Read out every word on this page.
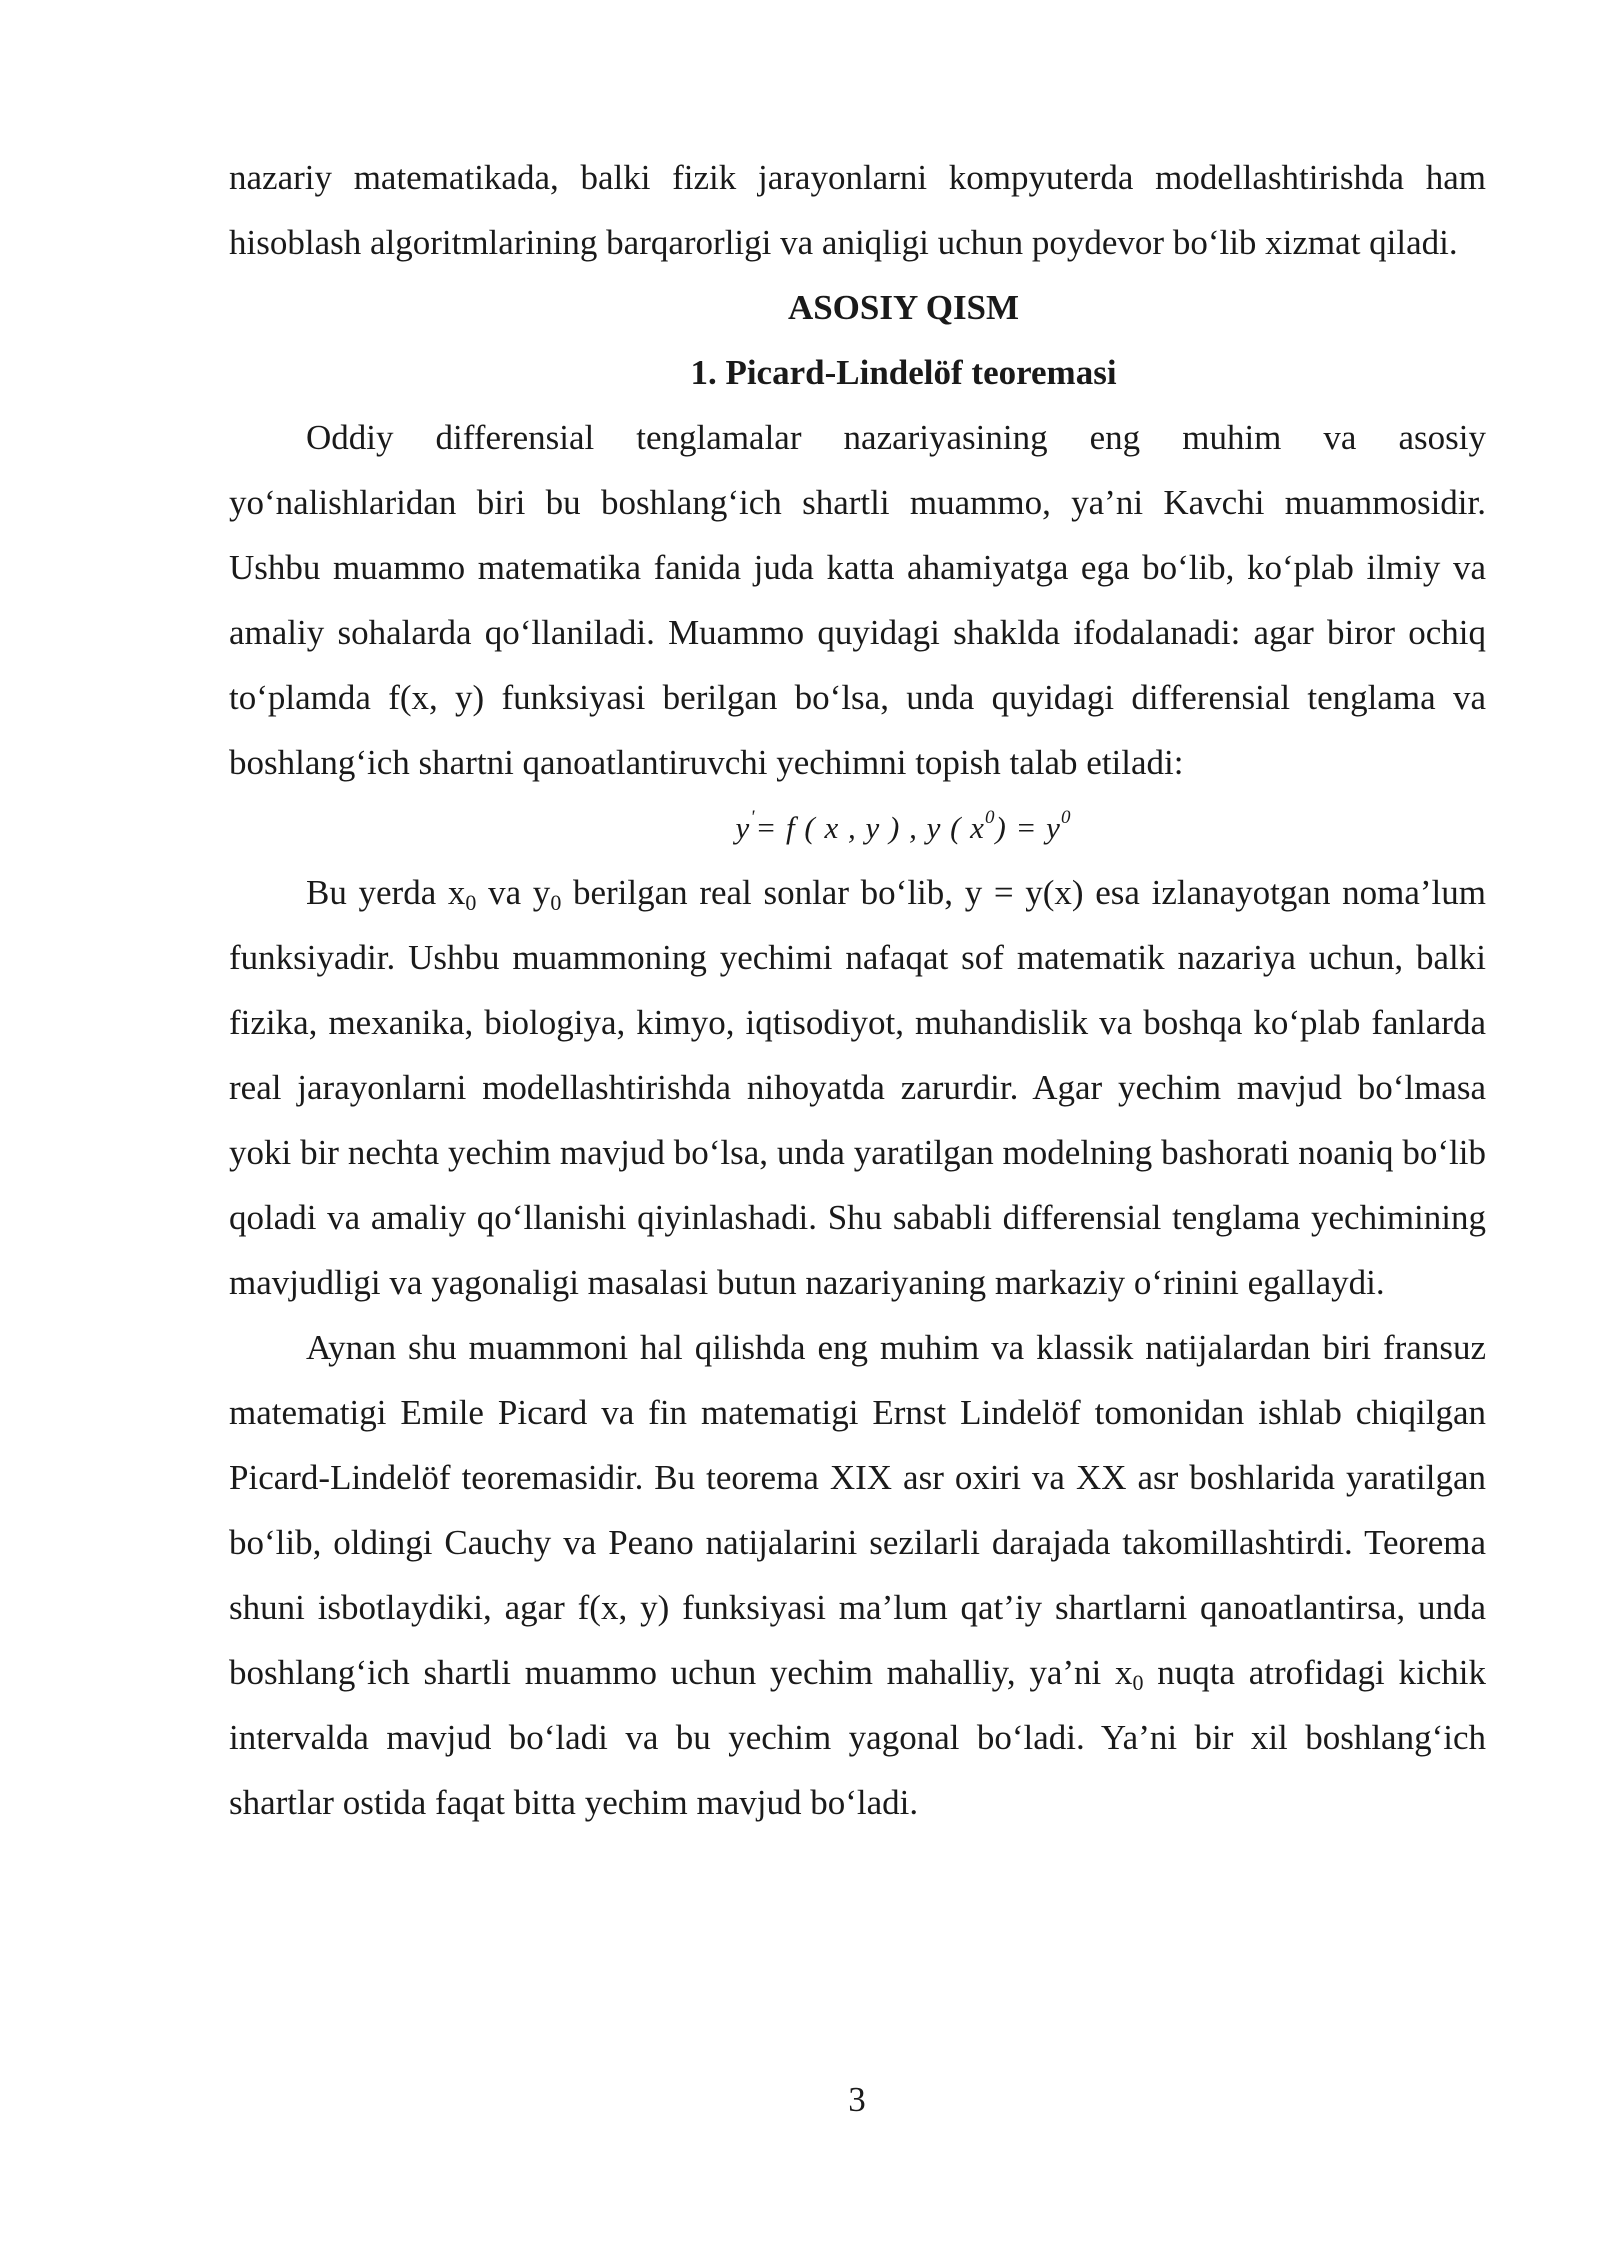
nazariy matematikada, balki fizik jarayonlarni kompyuterda modellashtirishda ham hisoblash algoritmlarining barqarorligi va aniqligi uchun poydevor bo‘lib xizmat qiladi.

ASOSIY QISM

1. Picard-Lindelöf teoremasi

Oddiy differensial tenglamalar nazariyasining eng muhim va asosiy yo‘nalishlaridan biri bu boshlang‘ich shartli muammo, ya’ni Kavchi muammosidir. Ushbu muammo matematika fanida juda katta ahamiyatga ega bo‘lib, ko‘plab ilmiy va amaliy sohalarda qo‘llaniladi. Muammo quyidagi shaklda ifodalanadi: agar biror ochiq to‘plamda f(x, y) funksiyasi berilgan bo‘lsa, unda quyidagi differensial tenglama va boshlang‘ich shartni qanoatlantiruvchi yechimni topish talab etiladi:

y'= f ( x , y ) , y ( $x^0) = y^0$

Bu yerda $x_0$ va $y_0$ berilgan real sonlar bo‘lib, y = y(x) esa izlanayotgan noma’lum funksiyadir. Ushbu muammoning yechimi nafaqat sof matematik nazariya uchun, balki fizika, mexanika, biologiya, kimyo, iqtisodiyot, muhandislik va boshqa ko‘plab fanlarda real jarayonlarni modellashtirishda nihoyatda zarurdir. Agar yechim mavjud bo‘lmasa yoki bir nechta yechim mavjud bo‘lsa, unda yaratilgan modelning bashorati noaniq bo‘lib qoladi va amaliy qo‘llanishi qiyinlashadi. Shu sababli differensial tenglama yechimining mavjudligi va yagonaligi masalasi butun nazariyaning markaziy o‘rinini egallaydi.

Aynan shu muammoni hal qilishda eng muhim va klassik natijalardan biri fransuz matematigi Emile Picard va fin matematigi Ernst Lindelöf tomonidan ishlab chiqilgan Picard-Lindelöf teoremasidir. Bu teorema XIX asr oxiri va XX asr boshlarida yaratilgan bo‘lib, oldingi Cauchy va Peano natijalarini sezilarli darajada takomillashtirdi. Teorema shuni isbotlaydiki, agar f(x, y) funksiyasi ma’lum qat’iy shartlarni qanoatlantirsa, unda boshlang‘ich shartli muammo uchun yechim mahalliy, ya’ni $x_0$ nuqta atrofidagi kichik intervalda mavjud bo‘ladi va bu yechim yagonal bo‘ladi. Ya’ni bir xil boshlang‘ich shartlar ostida faqat bitta yechim mavjud bo‘ladi.

3
